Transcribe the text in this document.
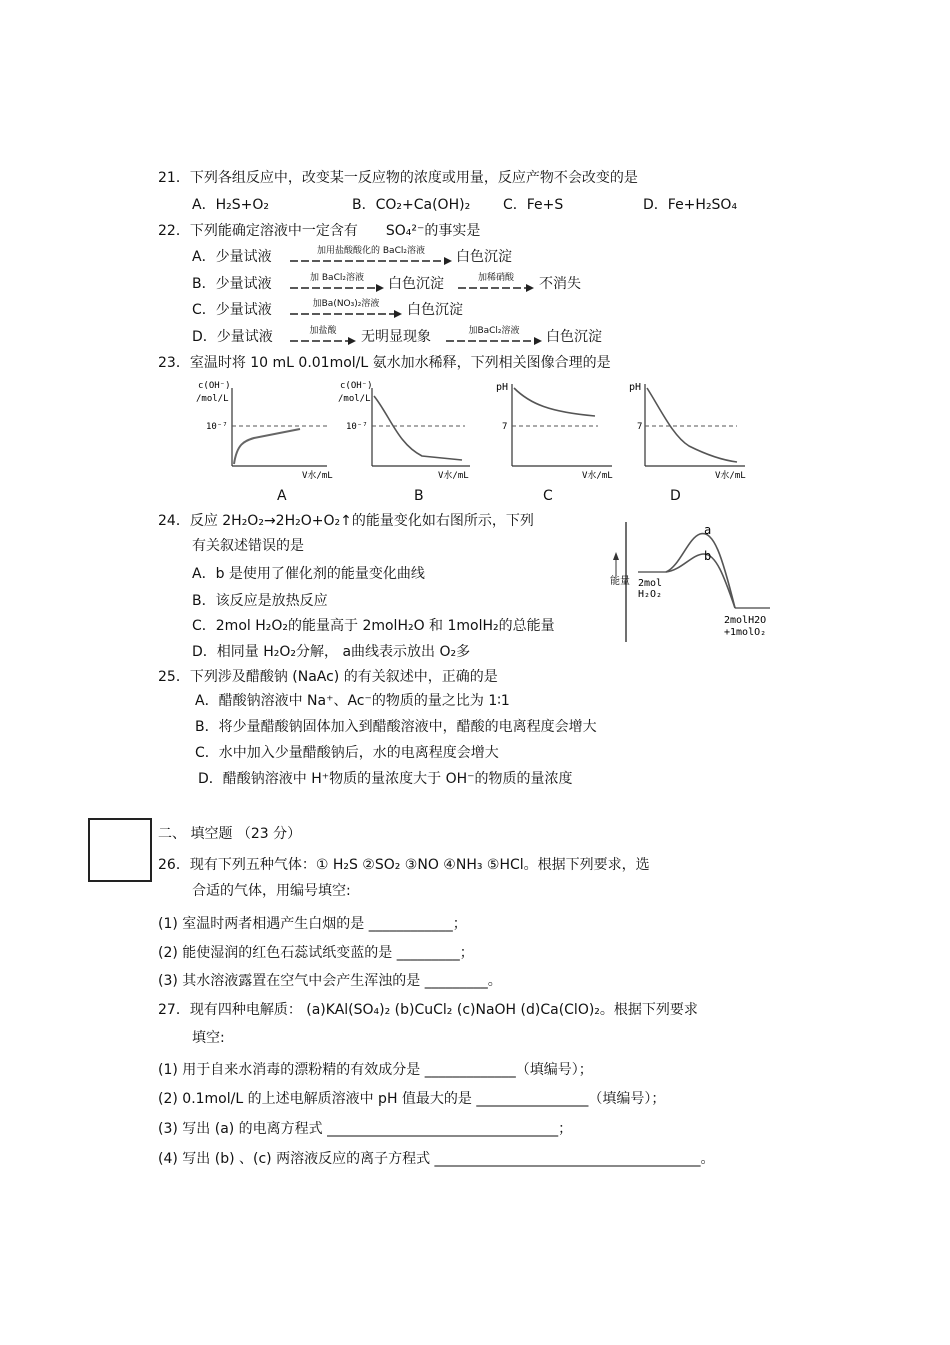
21．下列各组反应中，改变某一反应物的浓度或用量，反应产物不会改变的是
A．H₂S+O₂	B．CO₂+Ca(OH)₂ C．Fe+S	D．Fe+H₂SO₄
22．下列能确定溶液中一定含有 SO₄²⁻的事实是
A．少量试液	加用盐酸酸化的 BaCl₂溶液	白色沉淀
B．少量试液	加 BaCl₂溶液	白色沉淀	加稀硝酸	不消失
C．少量试液	加Ba(NO₃)₂溶液	白色沉淀
D．少量试液	加盐酸	无明显现象	加BaCl₂溶液	白色沉淀
23．室温时将 10 mL 0.01mol/L 氨水加水稀释，下列相关图像合理的是
c(OH⁻)
/mol/L
10⁻⁷
V水/mL
A
c(OH⁻)
/mol/L
10⁻⁷
V水/mL
B
pH
7
V水/mL
C
pH
7
V水/mL
D
24．反应 2H₂O₂→2H₂O+O₂↑的能量变化如右图所示，下列
有关叙述错误的是
A．b 是使用了催化剂的能量变化曲线
B．该反应是放热反应
C．2mol H₂O₂的能量高于 2molH₂O 和 1molH₂的总能量
D．相同量 H₂O₂分解， a曲线表示放出 O₂多
能量
a
b
2mol
H₂O₂
2molH2O
+1molO₂
25．下列涉及醋酸钠 (NaAc) 的有关叙述中，正确的是
A．醋酸钠溶液中 Na⁺、Ac⁻的物质的量之比为 1∶1
B．将少量醋酸钠固体加入到醋酸溶液中，醋酸的电离程度会增大
C．水中加入少量醋酸钠后，水的电离程度会增大
D．醋酸钠溶液中 H⁺物质的量浓度大于 OH⁻的物质的量浓度
二、 填空题 （23 分）
26．现有下列五种气体：① H₂S ②SO₂ ③NO ④NH₃ ⑤HCl。根据下列要求，选
合适的气体，用编号填空:
(1) 室温时两者相遇产生白烟的是 ____________；
(2) 能使湿润的红色石蕊试纸变蓝的是 _________；
(3) 其水溶液露置在空气中会产生浑浊的是 _________。
27．现有四种电解质： (a)KAl(SO₄)₂ (b)CuCl₂ (c)NaOH (d)Ca(ClO)₂。根据下列要求
填空:
(1) 用于自来水消毒的漂粉精的有效成分是 _____________（填编号）；
(2) 0.1mol/L 的上述电解质溶液中 pH 值最大的是 ________________（填编号）；
(3) 写出 (a) 的电离方程式 _________________________________；
(4) 写出 (b) 、(c) 两溶液反应的离子方程式 ______________________________________。
